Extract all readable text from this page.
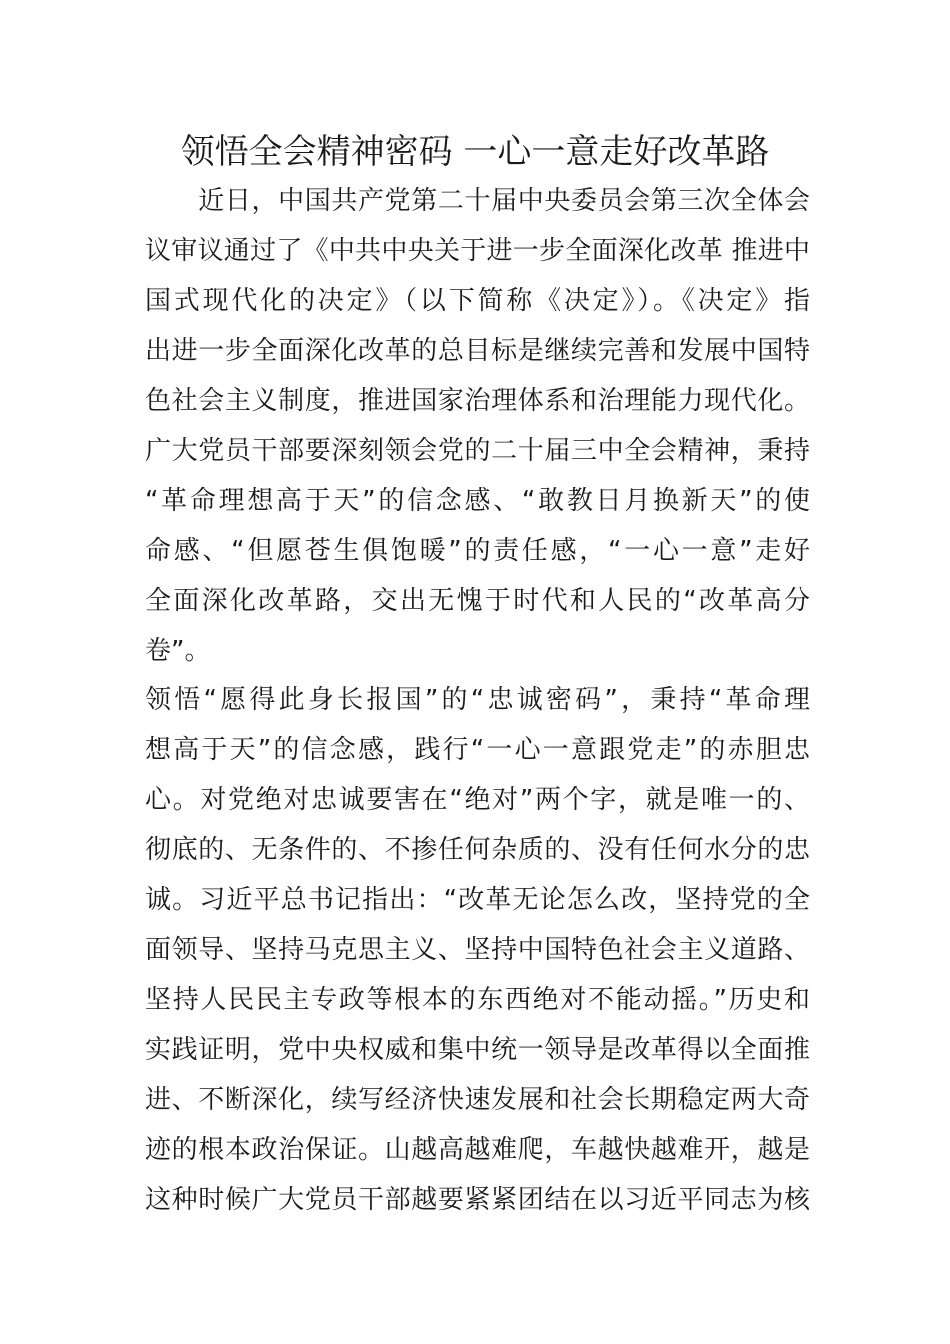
领悟全会精神密码 一心一意走好改革路
　　近日，中国共产党第二十届中央委员会第三次全体会
议审议通过了《中共中央关于进一步全面深化改革 推进中
国式现代化的决定》（以下简称《决定》）。《决定》指
出进一步全面深化改革的总目标是继续完善和发展中国特
色社会主义制度，推进国家治理体系和治理能力现代化。
广大党员干部要深刻领会党的二十届三中全会精神，秉持
“革命理想高于天”的信念感、“敢教日月换新天”的使
命感、“但愿苍生俱饱暖”的责任感，“一心一意”走好
全面深化改革路，交出无愧于时代和人民的“改革高分
卷”。
领悟“愿得此身长报国”的“忠诚密码”，秉持“革命理
想高于天”的信念感，践行“一心一意跟党走”的赤胆忠
心。对党绝对忠诚要害在“绝对”两个字，就是唯一的、
彻底的、无条件的、不掺任何杂质的、没有任何水分的忠
诚。习近平总书记指出：“改革无论怎么改，坚持党的全
面领导、坚持马克思主义、坚持中国特色社会主义道路、
坚持人民民主专政等根本的东西绝对不能动摇。”历史和
实践证明，党中央权威和集中统一领导是改革得以全面推
进、不断深化，续写经济快速发展和社会长期稳定两大奇
迹的根本政治保证。山越高越难爬，车越快越难开，越是
这种时候广大党员干部越要紧紧团结在以习近平同志为核
